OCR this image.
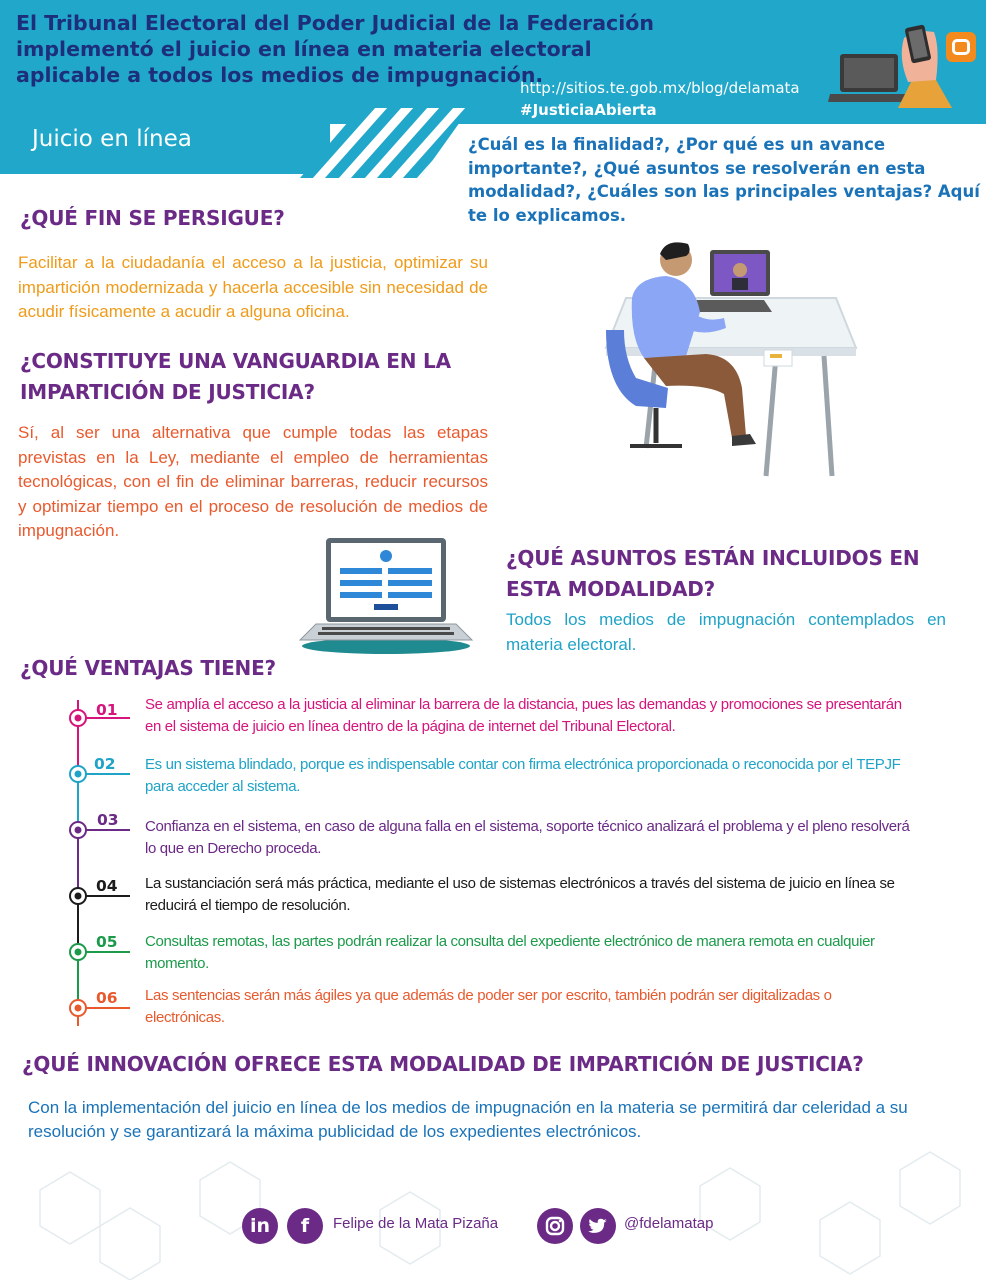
El Tribunal Electoral del Poder Judicial de la Federación implementó el juicio en línea en materia electoral aplicable a todos los medios de impugnación.
http://sitios.te.gob.mx/blog/delamata
#JusticiaAbierta
Juicio en línea	¿Cuál es la finalidad?, ¿Por qué es un avance importante?, ¿Qué asuntos se resolverán en esta modalidad?, ¿Cuáles son las principales ventajas? Aquí te lo explicamos.
¿QUÉ FIN SE PERSIGUE?
Facilitar a la ciudadanía el acceso a la justicia, optimizar su impartición modernizada y hacerla accesible sin necesidad de acudir físicamente a acudir a alguna oficina.
¿CONSTITUYE UNA VANGUARDIA EN LA IMPARTICIÓN DE JUSTICIA?
Sí, al ser una alternativa que cumple todas las etapas previstas en la Ley, mediante el empleo de herramientas tecnológicas, con el fin de eliminar barreras, reducir recursos y optimizar tiempo en el proceso de resolución de medios de impugnación.
¿QUÉ ASUNTOS ESTÁN INCLUIDOS EN ESTA MODALIDAD?
Todos los medios de impugnación contemplados en materia electoral.
¿QUÉ VENTAJAS TIENE?
01 Se amplía el acceso a la justicia al eliminar la barrera de la distancia, pues las demandas y promociones se presentarán en el sistema de juicio en línea dentro de la página de internet del Tribunal Electoral.
02 Es un sistema blindado, porque es indispensable contar con firma electrónica proporcionada o reconocida por el TEPJF para acceder al sistema.
03 Confianza en el sistema, en caso de alguna falla en el sistema, soporte técnico analizará el problema y el pleno resolverá lo que en Derecho proceda.
04 La sustanciación será más práctica, mediante el uso de sistemas electrónicos a través del sistema de juicio en línea se reducirá el tiempo de resolución.
05 Consultas remotas, las partes podrán realizar la consulta del expediente electrónico de manera remota en cualquier momento.
06 Las sentencias serán más ágiles ya que además de poder ser por escrito, también podrán ser digitalizadas o electrónicas.
¿QUÉ INNOVACIÓN OFRECE ESTA MODALIDAD DE IMPARTICIÓN DE JUSTICIA?
Con la implementación del juicio en línea de los medios de impugnación en la materia se permitirá dar celeridad a su resolución y se garantizará la máxima publicidad de los expedientes electrónicos.
in	f	Felipe de la Mata Pizaña	@fdelamatap
